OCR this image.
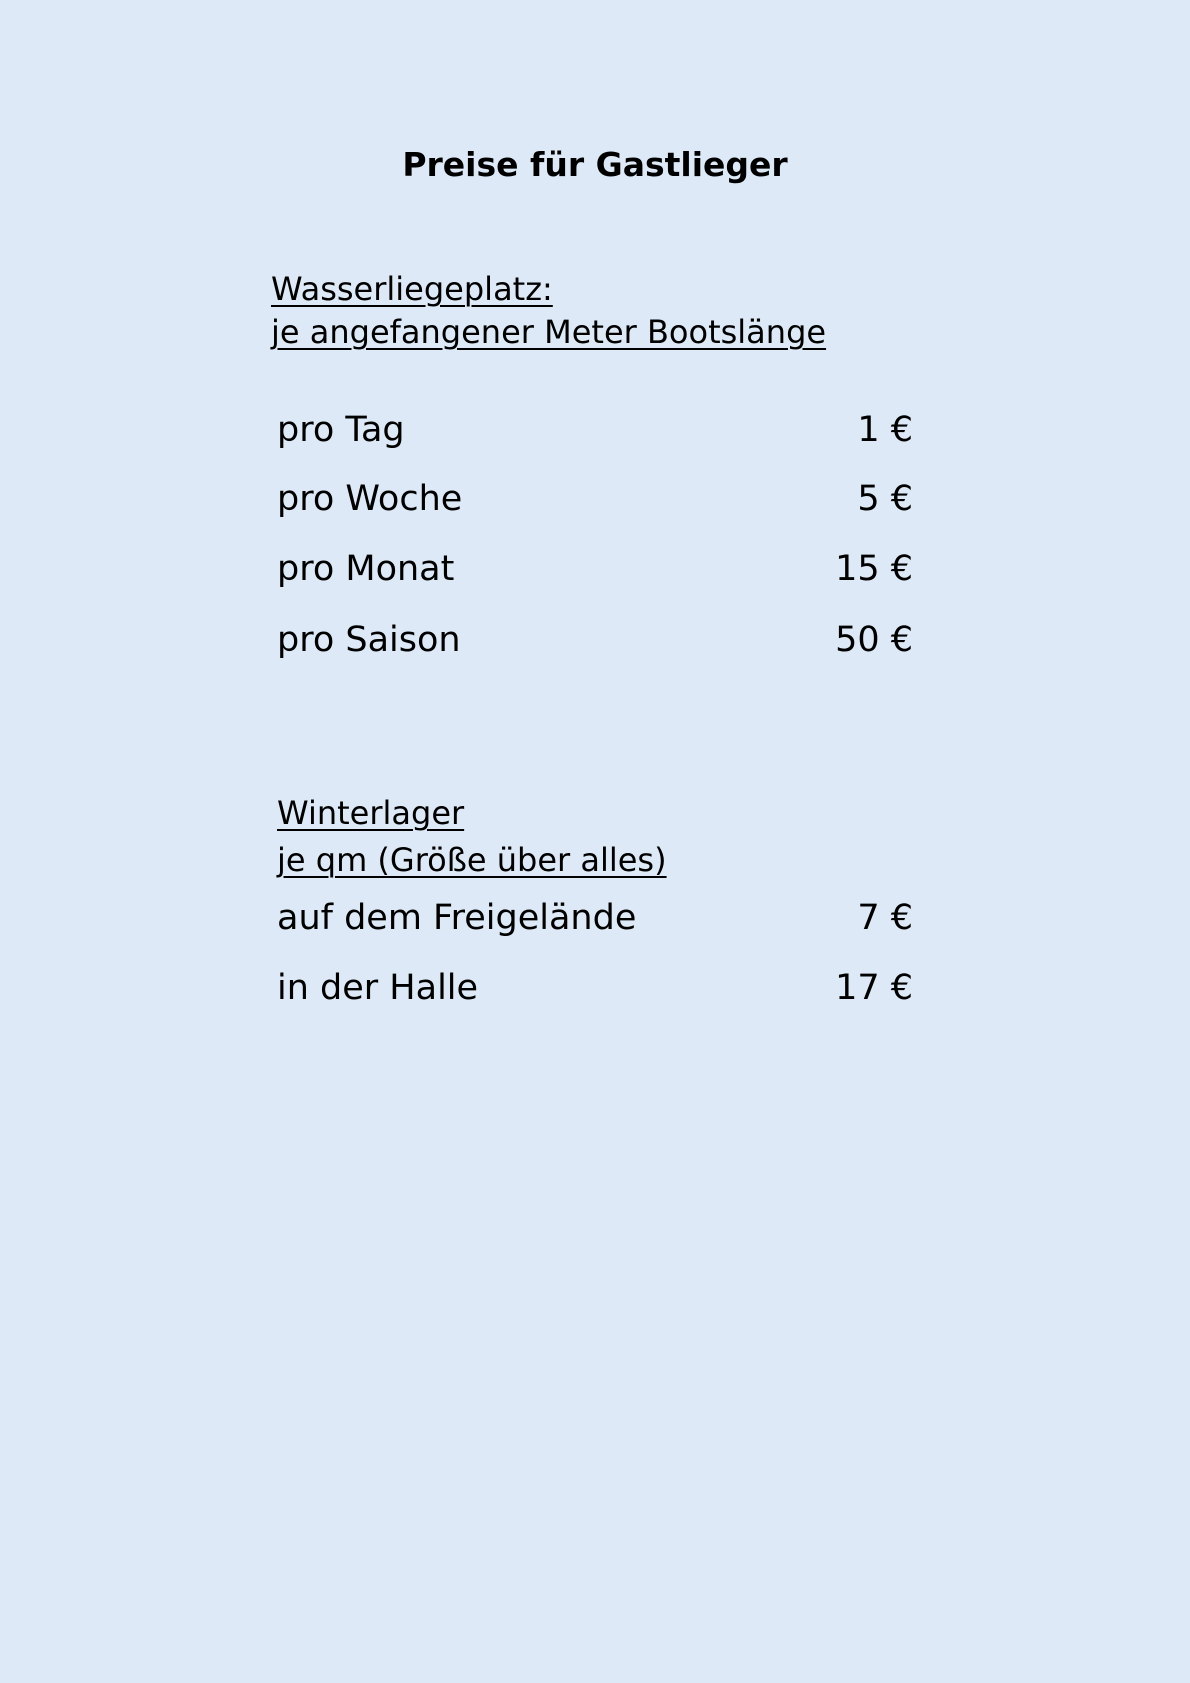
Preise für Gastlieger
Wasserliegeplatz:
je angefangener Meter Bootslänge
pro Tag	1 €
pro Woche	5 €
pro Monat	15 €
pro Saison	50 €
Winterlager
je qm (Größe über alles)
auf dem Freigelände	7 €
in der Halle	17 €
